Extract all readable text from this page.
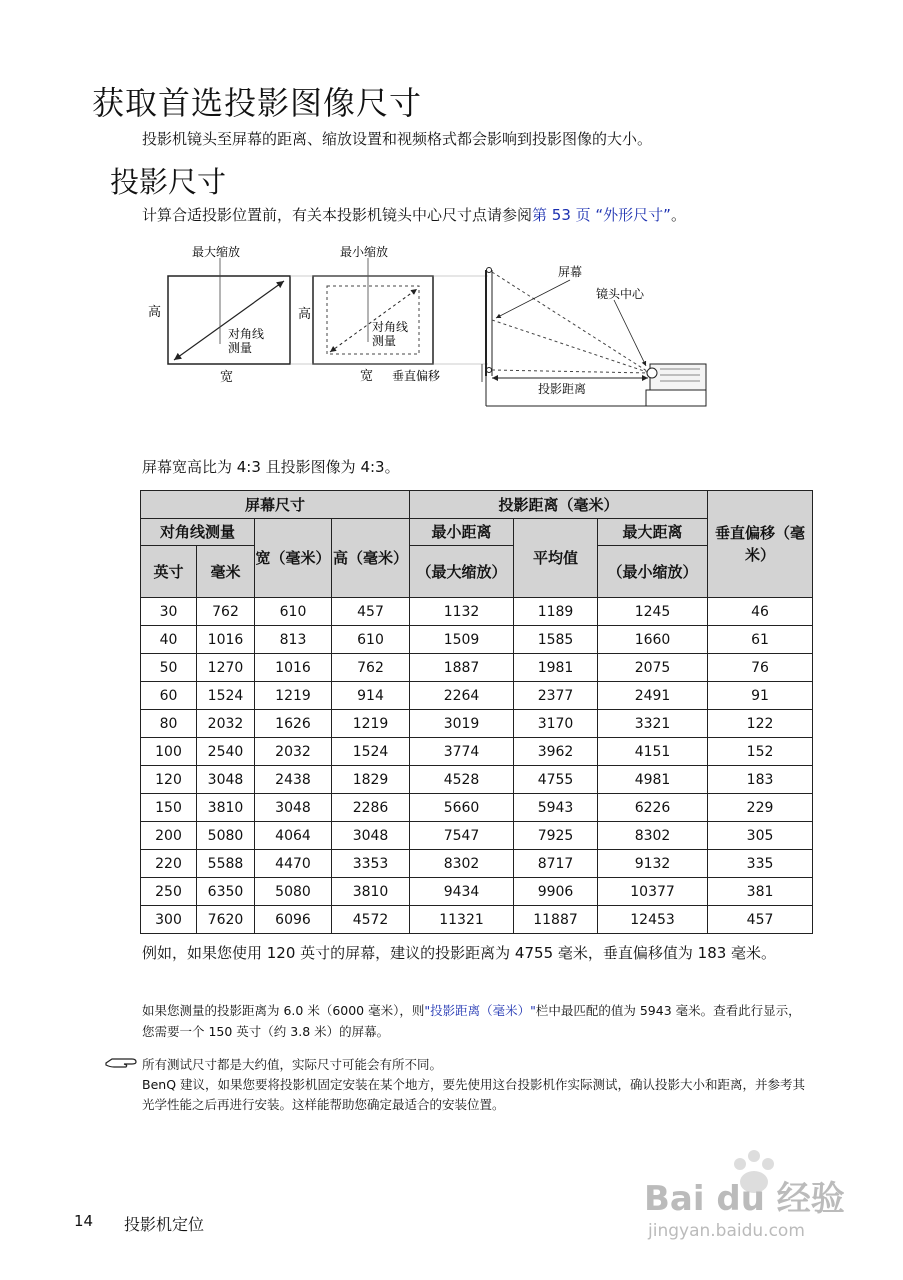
获取首选投影图像尺寸
投影机镜头至屏幕的距离、缩放设置和视频格式都会影响到投影图像的大小。
投影尺寸
计算合适投影位置前，有关本投影机镜头中心尺寸点请参阅第 53 页 “外形尺寸”。
最大缩放
高
宽
对角线
测量
最小缩放
高
宽
对角线
测量
屏幕
镜头中心
垂直偏移
投影距离
屏幕宽高比为 4:3 且投影图像为 4:3。
屏幕尺寸				投影距离（毫米）			垂直偏移（毫米）
对角线测量		宽（毫米）	高（毫米）	最小距离	平均值	最大距离	
英寸	毫米			（最大缩放）		（最小缩放）	
30	762	610	457	1132	1189	1245	46
40	1016	813	610	1509	1585	1660	61
50	1270	1016	762	1887	1981	2075	76
60	1524	1219	914	2264	2377	2491	91
80	2032	1626	1219	3019	3170	3321	122
100	2540	2032	1524	3774	3962	4151	152
120	3048	2438	1829	4528	4755	4981	183
150	3810	3048	2286	5660	5943	6226	229
200	5080	4064	3048	7547	7925	8302	305
220	5588	4470	3353	8302	8717	9132	335
250	6350	5080	3810	9434	9906	10377	381
300	7620	6096	4572	11321	11887	12453	457
例如，如果您使用 120 英寸的屏幕，建议的投影距离为 4755 毫米，垂直偏移值为 183 毫米。
如果您测量的投影距离为 6.0 米（6000 毫米），则"投影距离（毫米）"栏中最匹配的值为 5943 毫米。查看此行显示，您需要一个 150 英寸（约 3.8 米）的屏幕。
所有测试尺寸都是大约值，实际尺寸可能会有所不同。
BenQ 建议，如果您要将投影机固定安装在某个地方，要先使用这台投影机作实际测试，确认投影大小和距离，并参考其光学性能之后再进行安装。这样能帮助您确定最适合的安装位置。
Bai du 经验
jingyan.baidu.com
14 投影机定位
